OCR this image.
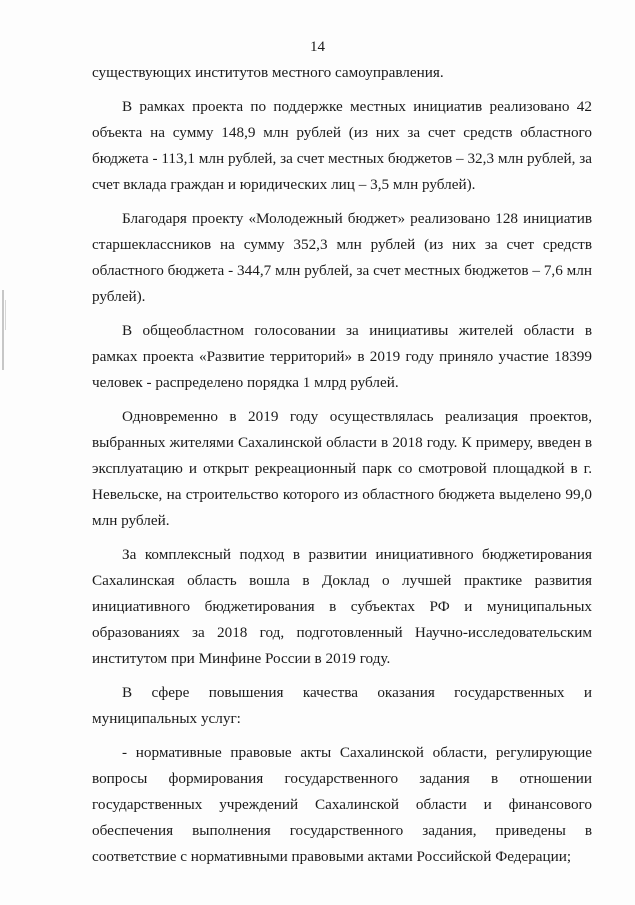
14

существующих институтов местного самоуправления.

В рамках проекта по поддержке местных инициатив реализовано 42 объекта на сумму 148,9 млн рублей (из них за счет средств областного бюджета - 113,1 млн рублей, за счет местных бюджетов – 32,3 млн рублей, за счет вклада граждан и юридических лиц – 3,5 млн рублей).

Благодаря проекту «Молодежный бюджет» реализовано 128 инициатив старшеклассников на сумму 352,3 млн рублей (из них за счет средств областного бюджета - 344,7 млн рублей, за счет местных бюджетов – 7,6 млн рублей).

В общеобластном голосовании за инициативы жителей области в рамках проекта «Развитие территорий» в 2019 году приняло участие 18399 человек - распределено порядка 1 млрд рублей.

Одновременно в 2019 году осуществлялась реализация проектов, выбранных жителями Сахалинской области в 2018 году. К примеру, введен в эксплуатацию и открыт рекреационный парк со смотровой площадкой в г. Невельске, на строительство которого из областного бюджета выделено 99,0 млн рублей.

За комплексный подход в развитии инициативного бюджетирования Сахалинская область вошла в Доклад о лучшей практике развития инициативного бюджетирования в субъектах РФ и муниципальных образованиях за 2018 год, подготовленный Научно-исследовательским институтом при Минфине России в 2019 году.

В сфере повышения качества оказания государственных и муниципальных услуг:

- нормативные правовые акты Сахалинской области, регулирующие вопросы формирования государственного задания в отношении государственных учреждений Сахалинской области и финансового обеспечения выполнения государственного задания, приведены в соответствие с нормативными правовыми актами Российской Федерации;
